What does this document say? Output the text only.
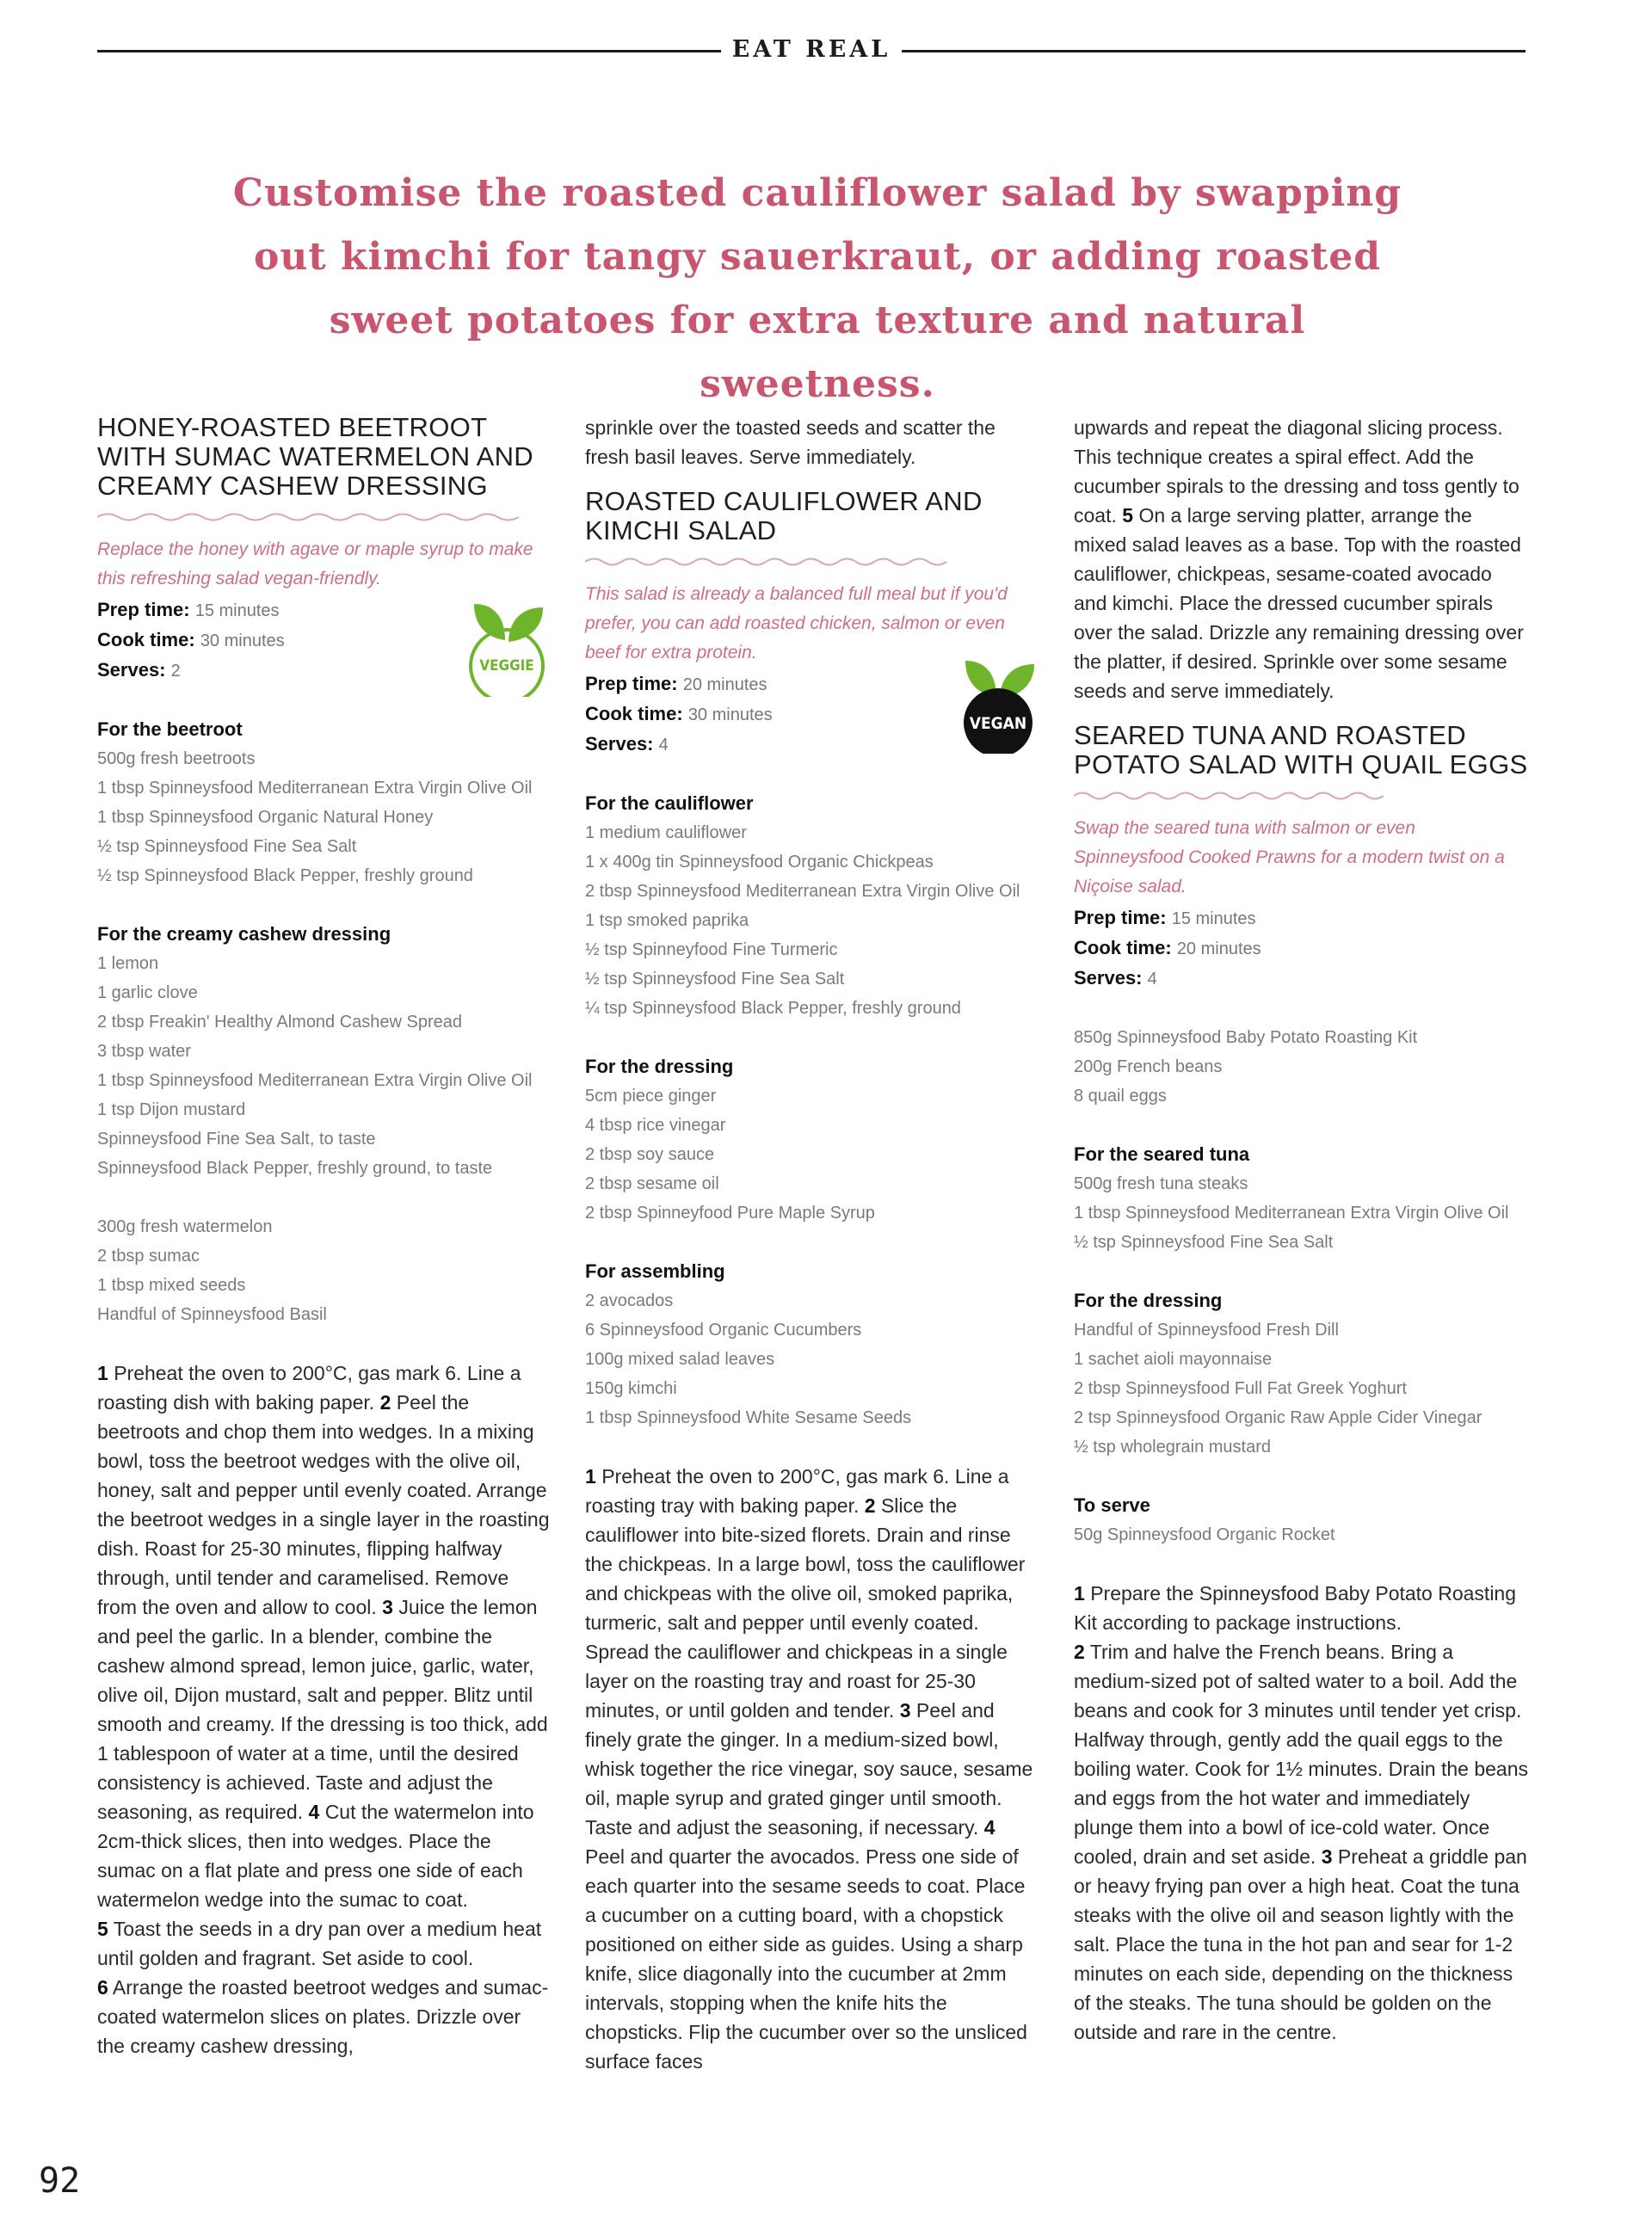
EAT REAL

Customise the roasted cauliflower salad by swapping out kimchi for tangy sauerkraut, or adding roasted sweet potatoes for extra texture and natural sweetness.

HONEY-ROASTED BEETROOT WITH SUMAC WATERMELON AND CREAMY CASHEW DRESSING

Replace the honey with agave or maple syrup to make this refreshing salad vegan-friendly.

Prep time: 15 minutes

Cook time: 30 minutes

Serves: 2	VEGGIE

For the beetroot

500g fresh beetroots
1 tbsp Spinneysfood Mediterranean Extra Virgin Olive Oil
1 tbsp Spinneysfood Organic Natural Honey
½ tsp Spinneysfood Fine Sea Salt
½ tsp Spinneysfood Black Pepper, freshly ground

For the creamy cashew dressing

1 lemon
1 garlic clove
2 tbsp Freakin' Healthy Almond Cashew Spread
3 tbsp water
1 tbsp Spinneysfood Mediterranean Extra Virgin Olive Oil
1 tsp Dijon mustard
Spinneysfood Fine Sea Salt, to taste
Spinneysfood Black Pepper, freshly ground, to taste
300g fresh watermelon
2 tbsp sumac
1 tbsp mixed seeds
Handful of Spinneysfood Basil

1 Preheat the oven to 200°C, gas mark 6. Line a roasting dish with baking paper. 2 Peel the beetroots and chop them into wedges. In a mixing bowl, toss the beetroot wedges with the olive oil, honey, salt and pepper until evenly coated. Arrange the beetroot wedges in a single layer in the roasting dish. Roast for 25-30 minutes, flipping halfway through, until tender and caramelised. Remove from the oven and allow to cool. 3 Juice the lemon and peel the garlic. In a blender, combine the cashew almond spread, lemon juice, garlic, water, olive oil, Dijon mustard, salt and pepper. Blitz until smooth and creamy. If the dressing is too thick, add 1 tablespoon of water at a time, until the desired consistency is achieved. Taste and adjust the seasoning, as required. 4 Cut the watermelon into 2cm-thick slices, then into wedges. Place the sumac on a flat plate and press one side of each watermelon wedge into the sumac to coat.
5 Toast the seeds in a dry pan over a medium heat until golden and fragrant. Set aside to cool.
6 Arrange the roasted beetroot wedges and sumac-coated watermelon slices on plates. Drizzle over the creamy cashew dressing,

sprinkle over the toasted seeds and scatter the fresh basil leaves. Serve immediately.

ROASTED CAULIFLOWER AND KIMCHI SALAD

This salad is already a balanced full meal but if you'd prefer, you can add roasted chicken, salmon or even beef for extra protein.

Prep time: 20 minutes

Cook time: 30 minutes

Serves: 4

VEGAN

For the cauliflower

1 medium cauliflower
1 x 400g tin Spinneysfood Organic Chickpeas
2 tbsp Spinneysfood Mediterranean Extra Virgin Olive Oil
1 tsp smoked paprika
½ tsp Spinneyfood Fine Turmeric
½ tsp Spinneysfood Fine Sea Salt
¼ tsp Spinneysfood Black Pepper, freshly ground

For the dressing

5cm piece ginger
4 tbsp rice vinegar
2 tbsp soy sauce
2 tbsp sesame oil
2 tbsp Spinneyfood Pure Maple Syrup

For assembling

2 avocados
6 Spinneysfood Organic Cucumbers
100g mixed salad leaves
150g kimchi
1 tbsp Spinneysfood White Sesame Seeds

1 Preheat the oven to 200°C, gas mark 6. Line a roasting tray with baking paper. 2 Slice the cauliflower into bite-sized florets. Drain and rinse the chickpeas. In a large bowl, toss the cauliflower and chickpeas with the olive oil, smoked paprika, turmeric, salt and pepper until evenly coated. Spread the cauliflower and chickpeas in a single layer on the roasting tray and roast for 25-30 minutes, or until golden and tender. 3 Peel and finely grate the ginger. In a medium-sized bowl, whisk together the rice vinegar, soy sauce, sesame oil, maple syrup and grated ginger until smooth. Taste and adjust the seasoning, if necessary. 4 Peel and quarter the avocados. Press one side of each quarter into the sesame seeds to coat. Place a cucumber on a cutting board, with a chopstick positioned on either side as guides. Using a sharp knife, slice diagonally into the cucumber at 2mm intervals, stopping when the knife hits the chopsticks. Flip the cucumber over so the unsliced surface faces

upwards and repeat the diagonal slicing process. This technique creates a spiral effect. Add the cucumber spirals to the dressing and toss gently to coat. 5 On a large serving platter, arrange the mixed salad leaves as a base. Top with the roasted cauliflower, chickpeas, sesame-coated avocado and kimchi. Place the dressed cucumber spirals over the salad. Drizzle any remaining dressing over the platter, if desired. Sprinkle over some sesame seeds and serve immediately.

SEARED TUNA AND ROASTED POTATO SALAD WITH QUAIL EGGS

Swap the seared tuna with salmon or even Spinneysfood Cooked Prawns for a modern twist on a Niçoise salad.

Prep time: 15 minutes

Cook time: 20 minutes

Serves: 4

850g Spinneysfood Baby Potato Roasting Kit
200g French beans
8 quail eggs

For the seared tuna

500g fresh tuna steaks
1 tbsp Spinneysfood Mediterranean Extra Virgin Olive Oil
½ tsp Spinneysfood Fine Sea Salt

For the dressing

Handful of Spinneysfood Fresh Dill
1 sachet aioli mayonnaise
2 tbsp Spinneysfood Full Fat Greek Yoghurt
2 tsp Spinneysfood Organic Raw Apple Cider Vinegar
½ tsp wholegrain mustard

To serve

50g Spinneysfood Organic Rocket

1 Prepare the Spinneysfood Baby Potato Roasting Kit according to package instructions.
2 Trim and halve the French beans. Bring a medium-sized pot of salted water to a boil. Add the beans and cook for 3 minutes until tender yet crisp. Halfway through, gently add the quail eggs to the boiling water. Cook for 1½ minutes. Drain the beans and eggs from the hot water and immediately plunge them into a bowl of ice-cold water. Once cooled, drain and set aside. 3 Preheat a griddle pan or heavy frying pan over a high heat. Coat the tuna steaks with the olive oil and season lightly with the salt. Place the tuna in the hot pan and sear for 1-2 minutes on each side, depending on the thickness of the steaks. The tuna should be golden on the outside and rare in the centre.

92
